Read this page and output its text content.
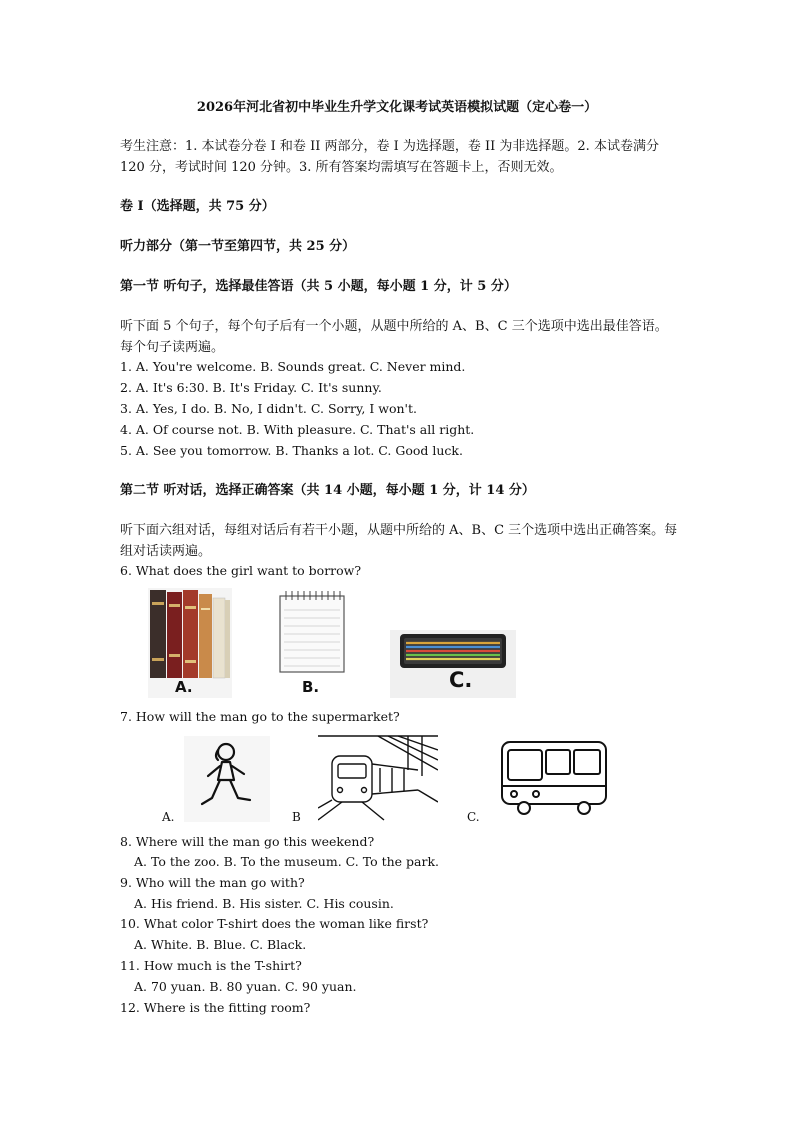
2026年河北省初中毕业生升学文化课考试英语模拟试题（定心卷一）
考生注意：1. 本试卷分卷 I 和卷 II 两部分，卷 I 为选择题，卷 II 为非选择题。2. 本试卷满分 120 分，考试时间 120 分钟。3. 所有答案均需填写在答题卡上，否则无效。
卷 I（选择题，共 75 分）
听力部分（第一节至第四节，共 25 分）
第一节 听句子，选择最佳答语（共 5 小题，每小题 1 分，计 5 分）
听下面 5 个句子，每个句子后有一个小题，从题中所给的 A、B、C 三个选项中选出最佳答语。每个句子读两遍。
1. A. You're welcome. B. Sounds great. C. Never mind.
2. A. It's 6:30. B. It's Friday. C. It's sunny.
3. A. Yes, I do. B. No, I didn't. C. Sorry, I won't.
4. A. Of course not. B. With pleasure. C. That's all right.
5. A. See you tomorrow. B. Thanks a lot. C. Good luck.
第二节 听对话，选择正确答案（共 14 小题，每小题 1 分，计 14 分）
听下面六组对话，每组对话后有若干小题，从题中所给的 A、B、C 三个选项中选出正确答案。每组对话读两遍。
6. What does the girl want to borrow?
A.	B.	C.
7. How will the man go to the supermarket?
A.	B	C.
8. Where will the man go this weekend?
A. To the zoo. B. To the museum. C. To the park.
9. Who will the man go with?
A. His friend. B. His sister. C. His cousin.
10. What color T-shirt does the woman like first?
A. White. B. Blue. C. Black.
11. How much is the T-shirt?
A. 70 yuan. B. 80 yuan. C. 90 yuan.
12. Where is the fitting room?
